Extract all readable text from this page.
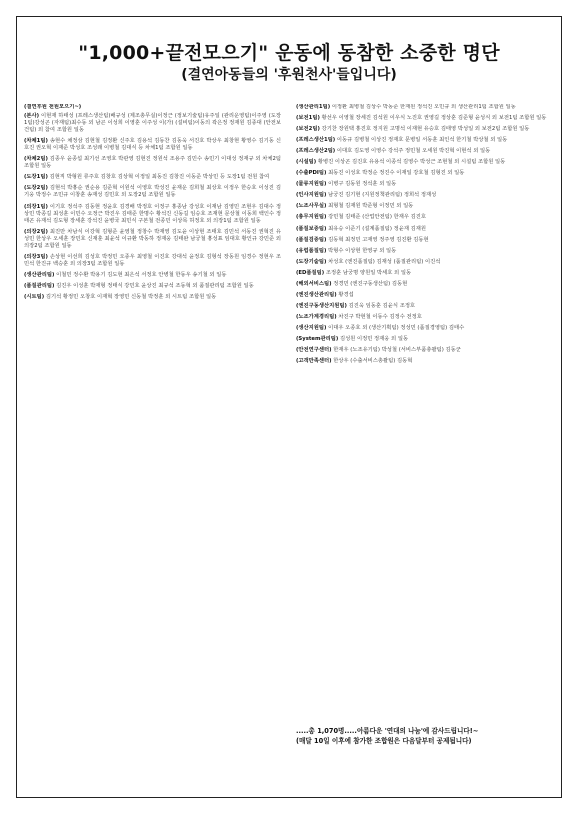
"1,000+끝전모으기" 운동에 동참한 소중한 명단
(결연아동들의 '후원천사'들입니다)
(결연후원 천원모으기~)
(본사) 이현재 하태성 (프레스생산팀)배규성 (제조총무실)이정근 (정보기술팀)유주일 (관리운영팀)이주영 (도장1팀)강성곤 (자재팀)최수동 외 남곤 이성희 이영훈 이주성 이(가) (설비팀)이동의 곽은정 정재원 김종대 (안전보건팀) 외 참여 조합원 일동
(차체1팀) 송현수 채정삼 김현철 김정환 신주호 김용석 김동찬 김동욱 서진호 박상우 최창현 황영수 김기동 신호진 권오혁 이재준 박성호 조성래 이병철 김대식 등 차체1팀 조합원 일동
(차체2팀) 김종우 윤종섭 최기선 조영호 박관영 김현진 정원석 조용주 김민수 송민기 이대성 정재규 외 차체2팀 조합원 일동
(도장1팀) 김현직 박형원 류주호 김창호 김상혁 이정일 최동진 김창진 이동준 박상민 등 도장1팀 전원 참여
(도장2팀) 김현석 박홍순 권순용 김준혁 이원석 이영호 박성진 윤재운 김희철 최상호 이정우 한승호 이성진 김기웅 박정수 조민규 이창훈 송재성 김민호 외 도장2팀 조합원 일동
(의장1팀) 이기호 정석주 김동현 정윤호 김경배 박정호 이정구 홍종남 강성호 이재남 김영민 조현우 김대수 정상민 박종길 최성훈 이민수 오정근 박진우 김태준 한명수 황석진 신동길 임승호 조재현 문상철 이동희 백인수 정태곤 유재석 김도형 장세훈 강석진 윤병국 최민식 구본철 전종민 이상목 허정호 외 의장1팀 조합원 일동
(의장2팀) 최진만 차남식 이강혁 김형준 윤영철 정창수 박재영 김도윤 이상현 조태호 김민석 서동진 권혁진 유성민 한상우 오세훈 장민호 신재훈 최윤석 이규환 박동하 정재웅 김태완 남궁철 홍성표 임대호 황인규 강민준 외 의장2팀 조합원 일동
(의장3팀) 손상현 이선희 김성호 박정민 오종우 최영철 이진호 강대석 윤정호 김형석 장동원 임경수 정현우 조민석 한진규 백승훈 외 의장3팀 조합원 일동
(생산관리팀) 이철민 정수환 박용기 김도현 최은석 서정호 안병철 한동우 송기철 외 일동
(품질관리팀) 김진우 이성훈 박재형 정태식 강민호 윤상진 최규석 조동혁 외 품질관리팀 조합원 일동
(시트팀) 김기석 황정민 오창호 이재혁 장영민 신동철 박정훈 외 시트팀 조합원 일동
(생산관리1팀) 이정환 최병철 김상수 박동준 한재원 정석진 오민규 외 생산관리1팀 조합원 일동
(보전1팀) 황선우 이영철 장세진 김석원 이우식 노진호 권영길 정상훈 김준형 윤성식 외 보전1팀 조합원 일동
(보전2팀) 강기찬 장원택 홍진호 정지원 고명석 이재현 유승호 김태영 박성일 외 보전2팀 조합원 일동
(프레스생산1팀) 이동규 김병철 이상진 정재호 문병일 서동훈 최인석 한기철 박상철 외 일동
(프레스생산2팀) 이대호 김도영 이영수 강석주 정민철 오세원 박진혁 이현석 외 일동
(시설팀) 황병진 이상곤 김진호 유용석 이종석 김영수 박성근 조현철 외 시설팀 조합원 일동
(수출PDI팀) 최동진 이성호 박정순 정진수 이재일 강호철 김형진 외 일동
(물류지원팀) 이병구 김동원 정석훈 외 일동
(인사지원팀) 남궁진 김기현 (지원정책관리팀) 정희석 정재성
(노조사무실) 최형철 김재원 박준형 이정민 외 일동
(총무지원팀) 강민철 김태준 (산업안전팀) 한재우 김진호
(품질보증팀) 최유승 이준기 (설계품질팀) 정윤재 김재원
(품질검증팀) 김동혁 최정민 고재영 정주영 김진환 김동현
(유럽품질팀) 박형수 이상현 한영규 외 일동
(도장기술팀) 차성호 (엔진품질팀) 김재성 (품질관리팀) 이진석
(ED품질팀) 조정훈 남궁명 양원일 박세호 외 일동
(해외서비스팀) 정경민 (엔진구동생산팀) 김동현
(엔진생산관리팀) 황경섭
(엔진구동생산지원팀) 김진욱 임동훈 김윤식 조정호
(노조가계경리팀) 차진구 박현철 이동수 김정수 전정호
(생산지원팀) 이대우 오종호 외 (생산기획팀) 정성민 (품질경영팀) 김태수
(System관리팀) 김성원 이정민 정재웅 외 일동
(안전연구센터) 한재우 (노조유기팀) 박성철 (서비스부품총괄팀) 김동군
(고객만족센터) 한상우 (수출서비스총괄팀) 김동혁
.....총 1,070명.....아름다운 '연대의 나눔'에 감사드립니다!~
(매달 10일 이후에 참가한 조합원은 다음달부터 공제됩니다)
